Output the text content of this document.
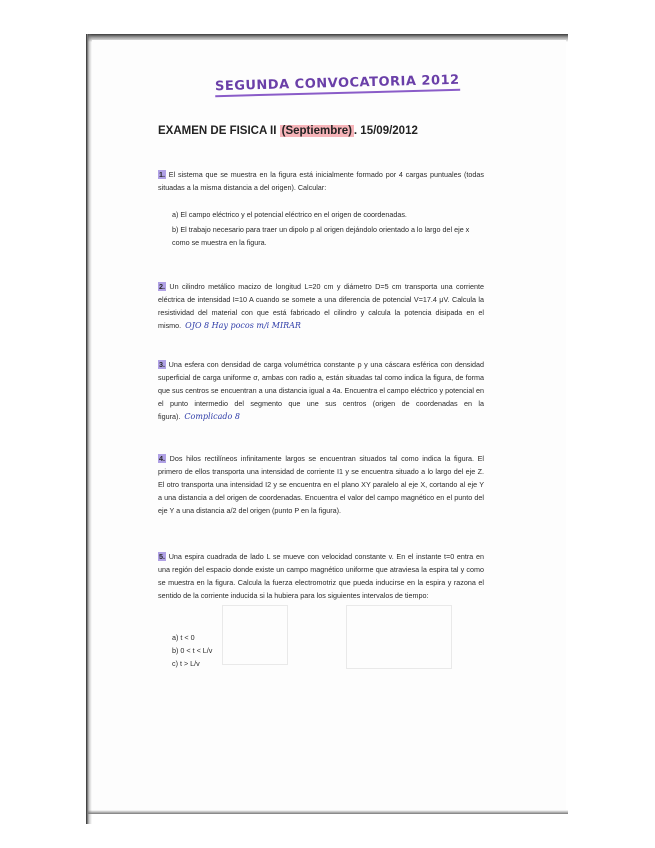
SEGUNDA CONVOCATORIA 2012
EXAMEN DE FISICA II (Septiembre) . 15/09/2012
1. El sistema que se muestra en la figura está inicialmente formado por 4 cargas puntuales (todas situadas a la misma distancia a del origen). Calcular:
a) El campo eléctrico y el potencial eléctrico en el origen de coordenadas.
b) El trabajo necesario para traer un dipolo p al origen dejándolo orientado a lo largo del eje x como se muestra en la figura.
2. Un cilindro metálico macizo de longitud L=20 cm y diámetro D=5 cm transporta una corriente eléctrica de intensidad I=10 A cuando se somete a una diferencia de potencial V=17.4 μV. Calcula la resistividad del material con que está fabricado el cilindro y calcula la potencia disipada en el mismo. OJO 8 Hay pocos m/i MIRAR
3. Una esfera con densidad de carga volumétrica constante ρ y una cáscara esférica con densidad superficial de carga uniforme σ, ambas con radio a, están situadas tal como indica la figura, de forma que sus centros se encuentran a una distancia igual a 4a. Encuentra el campo eléctrico y potencial en el punto intermedio del segmento que une sus centros (origen de coordenadas en la figura). Complicado 8
4. Dos hilos rectilíneos infinitamente largos se encuentran situados tal como indica la figura. El primero de ellos transporta una intensidad de corriente I1 y se encuentra situado a lo largo del eje Z. El otro transporta una intensidad I2 y se encuentra en el plano XY paralelo al eje X, cortando al eje Y a una distancia a del origen de coordenadas. Encuentra el valor del campo magnético en el punto del eje Y a una distancia a/2 del origen (punto P en la figura).
5. Una espira cuadrada de lado L se mueve con velocidad constante v. En el instante t=0 entra en una región del espacio donde existe un campo magnético uniforme que atraviesa la espira tal y como se muestra en la figura. Calcula la fuerza electromotriz que pueda inducirse en la espira y razona el sentido de la corriente inducida si la hubiera para los siguientes intervalos de tiempo:
a) t < 0
b) 0 < t < L/v
c) t > L/v
